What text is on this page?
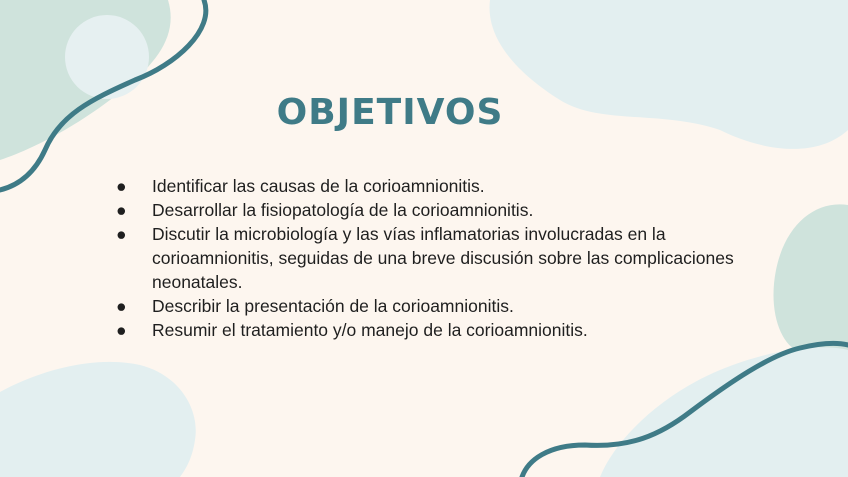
OBJETIVOS
● Identificar las causas de la corioamnionitis.
● Desarrollar la fisiopatología de la corioamnionitis.
● Discutir la microbiología y las vías inflamatorias involucradas en la corioamnionitis, seguidas de una breve discusión sobre las complicaciones neonatales.
● Describir la presentación de la corioamnionitis.
● Resumir el tratamiento y/o manejo de la corioamnionitis.
